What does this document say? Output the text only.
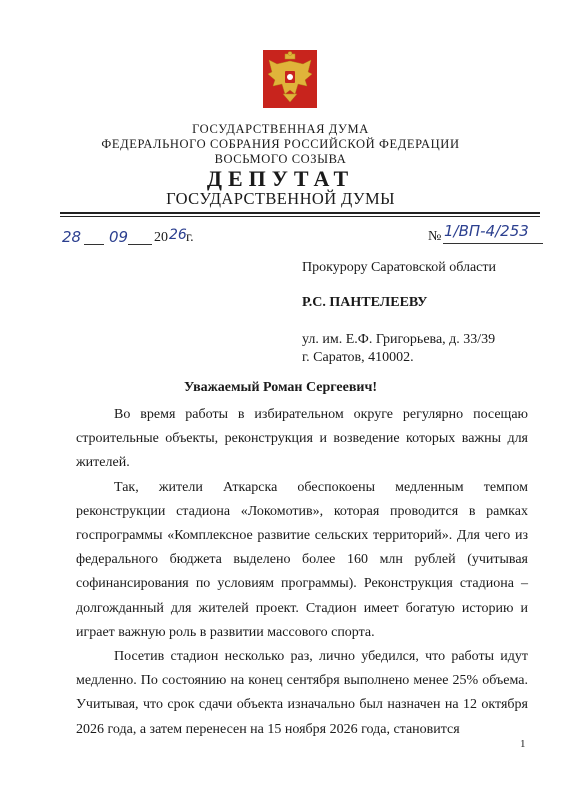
ГОСУДАРСТВЕННАЯ ДУМА
ФЕДЕРАЛЬНОГО СОБРАНИЯ РОССИЙСКОЙ ФЕДЕРАЦИИ
ВОСЬМОГО СОЗЫВА
ДЕПУТАТ
ГОСУДАРСТВЕННОЙ ДУМЫ
28 09 20 26 г.	№ 1/ВП-4/253
Прокурору Саратовской области
Р.С. ПАНТЕЛЕЕВУ
ул. им. Е.Ф. Григорьева, д. 33/39
г. Саратов, 410002.
Уважаемый Роман Сергеевич!

Во время работы в избирательном округе регулярно посещаю строительные объекты, реконструкция и возведение которых важны для жителей.

Так, жители Аткарска обеспокоены медленным темпом реконструкции стадиона «Локомотив», которая проводится в рамках госпрограммы «Комплексное развитие сельских территорий». Для чего из федерального бюджета выделено более 160 млн рублей (учитывая софинансирования по условиям программы). Реконструкция стадиона – долгожданный для жителей проект. Стадион имеет богатую историю и играет важную роль в развитии массового спорта.

Посетив стадион несколько раз, лично убедился, что работы идут медленно. По состоянию на конец сентября выполнено менее 25% объема. Учитывая, что срок сдачи объекта изначально был назначен на 12 октября 2026 года, а затем перенесен на 15 ноября 2026 года, становится

1
